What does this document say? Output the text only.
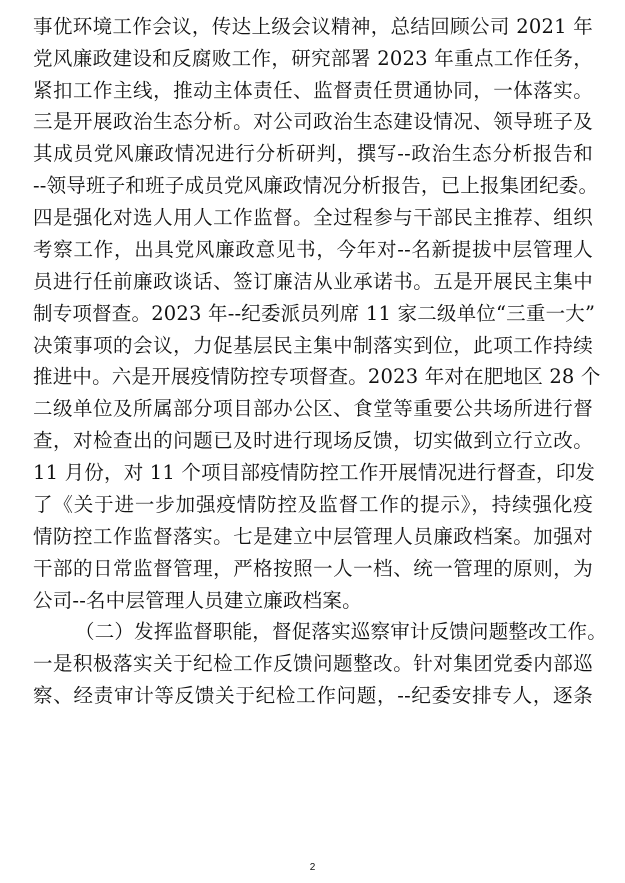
事优环境工作会议，传达上级会议精神，总结回顾公司 2021 年
党风廉政建设和反腐败工作，研究部署 2023 年重点工作任务，
紧扣工作主线，推动主体责任、监督责任贯通协同，一体落实。
三是开展政治生态分析。对公司政治生态建设情况、领导班子及
其成员党风廉政情况进行分析研判，撰写--政治生态分析报告和
--领导班子和班子成员党风廉政情况分析报告，已上报集团纪委。
四是强化对选人用人工作监督。全过程参与干部民主推荐、组织
考察工作，出具党风廉政意见书，今年对--名新提拔中层管理人
员进行任前廉政谈话、签订廉洁从业承诺书。五是开展民主集中
制专项督查。2023 年--纪委派员列席 11 家二级单位“三重一大”
决策事项的会议，力促基层民主集中制落实到位，此项工作持续
推进中。六是开展疫情防控专项督查。2023 年对在肥地区 28 个
二级单位及所属部分项目部办公区、食堂等重要公共场所进行督
查，对检查出的问题已及时进行现场反馈，切实做到立行立改。
11 月份，对 11 个项目部疫情防控工作开展情况进行督查，印发
了《关于进一步加强疫情防控及监督工作的提示》，持续强化疫
情防控工作监督落实。七是建立中层管理人员廉政档案。加强对
干部的日常监督管理，严格按照一人一档、统一管理的原则，为
公司--名中层管理人员建立廉政档案。
（二）发挥监督职能，督促落实巡察审计反馈问题整改工作。
一是积极落实关于纪检工作反馈问题整改。针对集团党委内部巡
察、经责审计等反馈关于纪检工作问题，--纪委安排专人，逐条
2
